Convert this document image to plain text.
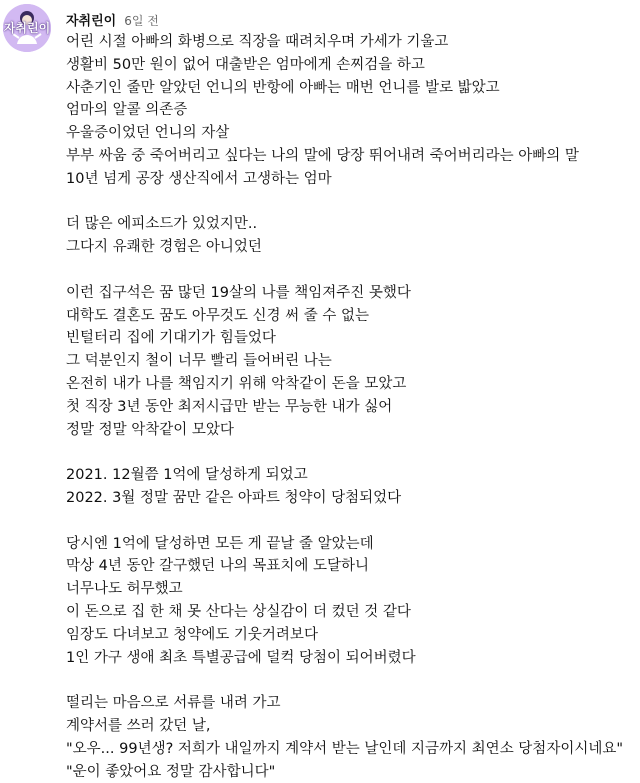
자취린이 자취린이 6일 전
어린 시절 아빠의 화병으로 직장을 때려치우며 가세가 기울고
생활비 50만 원이 없어 대출받은 엄마에게 손찌검을 하고
사춘기인 줄만 알았던 언니의 반항에 아빠는 매번 언니를 발로 밟았고
엄마의 알콜 의존증
우울증이었던 언니의 자살
부부 싸움 중 죽어버리고 싶다는 나의 말에 당장 뛰어내려 죽어버리라는 아빠의 말
10년 넘게 공장 생산직에서 고생하는 엄마
더 많은 에피소드가 있었지만..
그다지 유쾌한 경험은 아니었던
이런 집구석은 꿈 많던 19살의 나를 책임져주진 못했다
대학도 결혼도 꿈도 아무것도 신경 써 줄 수 없는
빈털터리 집에 기대기가 힘들었다
그 덕분인지 철이 너무 빨리 들어버린 나는
온전히 내가 나를 책임지기 위해 악착같이 돈을 모았고
첫 직장 3년 동안 최저시급만 받는 무능한 내가 싫어
정말 정말 악착같이 모았다
2021. 12월쯤 1억에 달성하게 되었고
2022. 3월 정말 꿈만 같은 아파트 청약이 당첨되었다
당시엔 1억에 달성하면 모든 게 끝날 줄 알았는데
막상 4년 동안 갈구했던 나의 목표치에 도달하니
너무나도 허무했고
이 돈으로 집 한 채 못 산다는 상실감이 더 컸던 것 같다
임장도 다녀보고 청약에도 기웃거려보다
1인 가구 생애 최초 특별공급에 덜컥 당첨이 되어버렸다
떨리는 마음으로 서류를 내려 가고
계약서를 쓰러 갔던 날,
"오우... 99년생? 저희가 내일까지 계약서 받는 날인데 지금까지 최연소 당첨자이시네요"
"운이 좋았어요 정말 감사합니다"
